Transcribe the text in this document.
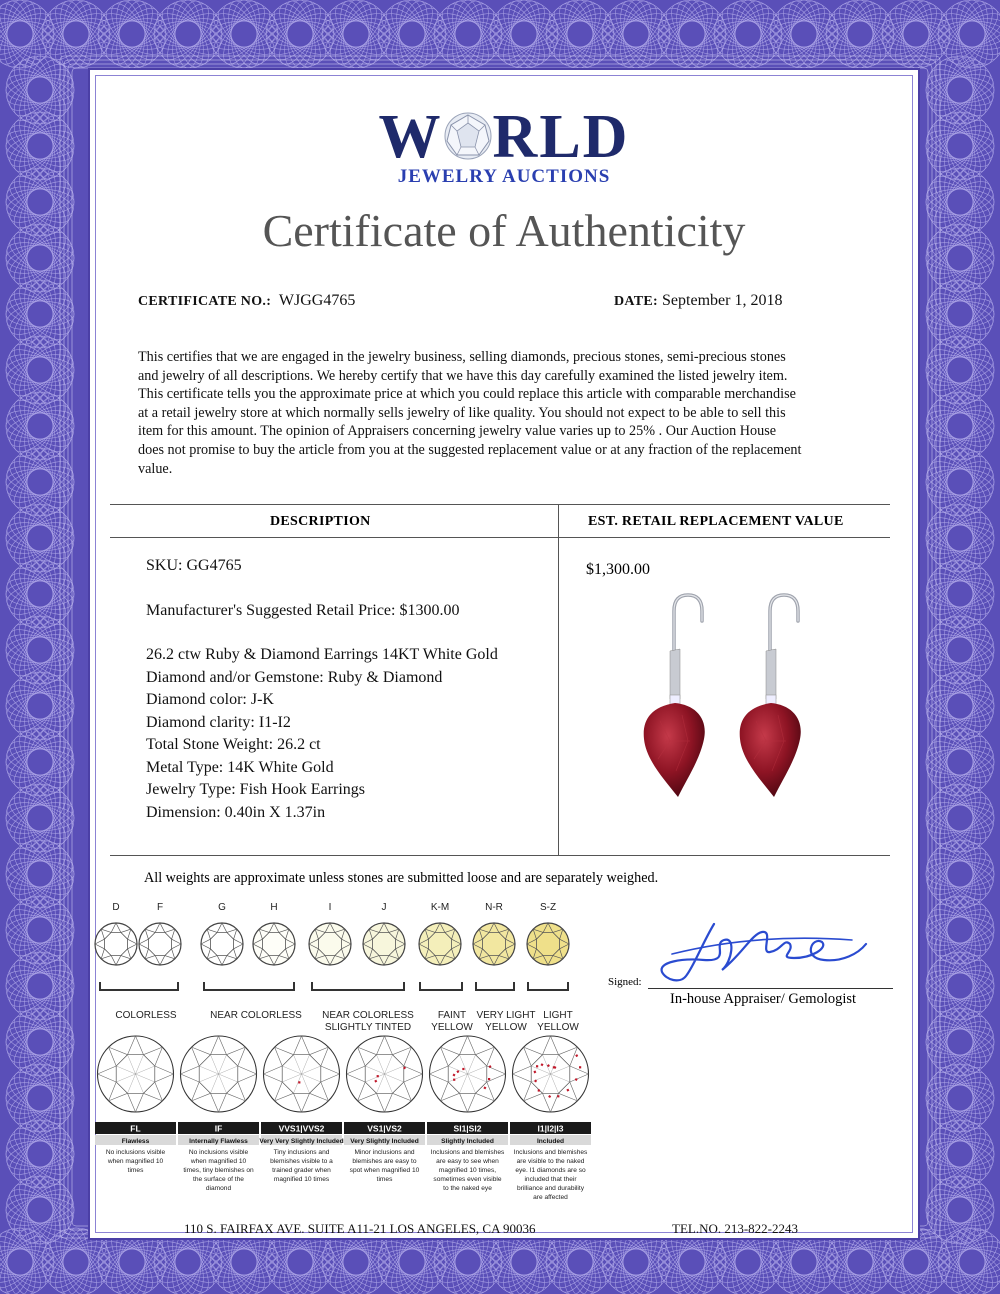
W RLD
JEWELRY AUCTIONS
Certificate of Authenticity
CERTIFICATE NO.: WJGG4765	DATE: September 1, 2018
This certifies that we are engaged in the jewelry business, selling diamonds, precious stones, semi-precious stones
and jewelry of all descriptions. We hereby certify that we have this day carefully examined the listed jewelry item.
This certificate tells you the approximate price at which you could replace this article with comparable merchandise
at a retail jewelry store at which normally sells jewelry of like quality. You should not expect to be able to sell this
item for this amount. The opinion of Appraisers concerning jewelry value varies up to 25% . Our Auction House
does not promise to buy the article from you at the suggested replacement value or at any fraction of the replacement
value.
DESCRIPTION	EST. RETAIL REPLACEMENT VALUE
SKU: GG4765
Manufacturer's Suggested Retail Price: $1300.00
26.2 ctw Ruby & Diamond Earrings 14KT White Gold
Diamond and/or Gemstone: Ruby & Diamond
Diamond color: J-K
Diamond clarity: I1-I2
Total Stone Weight: 26.2 ct
Metal Type: 14K White Gold
Jewelry Type: Fish Hook Earrings
Dimension: 0.40in X 1.37in
$1,300.00
All weights are approximate unless stones are submitted loose and are separately weighed.
D	F	G	H	I	J	K-M	N-R	S-Z
COLORLESS	NEAR COLORLESS	NEAR COLORLESS
SLIGHTLY TINTED
FAINT
YELLOW
VERY LIGHT
YELLOW
LIGHT
YELLOW
FL
Flawless
No inclusions visible
when magnified 10
times
IF
Internally Flawless
No inclusions visible
when magnified 10
times, tiny blemishes on
the surface of the
diamond
VVS1|VVS2
Very Very Slightly Included
Tiny inclusions and
blemishes visible to a
trained grader when
magnified 10 times
VS1|VS2
Very Slightly Included
Minor inclusions and
blemishes are easy to
spot when magnified 10
times
SI1|SI2
Slightly Included
Inclusions and blemishes
are easy to see when
magnified 10 times,
sometimes even visible
to the naked eye
I1|I2|I3
Included
Inclusions and blemishes
are visible to the naked
eye. I1 diamonds are so
included that their
brilliance and durability
are affected
Signed:
In-house Appraiser/ Gemologist
110 S. FAIRFAX AVE. SUITE A11-21 LOS ANGELES, CA 90036	TEL.NO. 213-822-2243
